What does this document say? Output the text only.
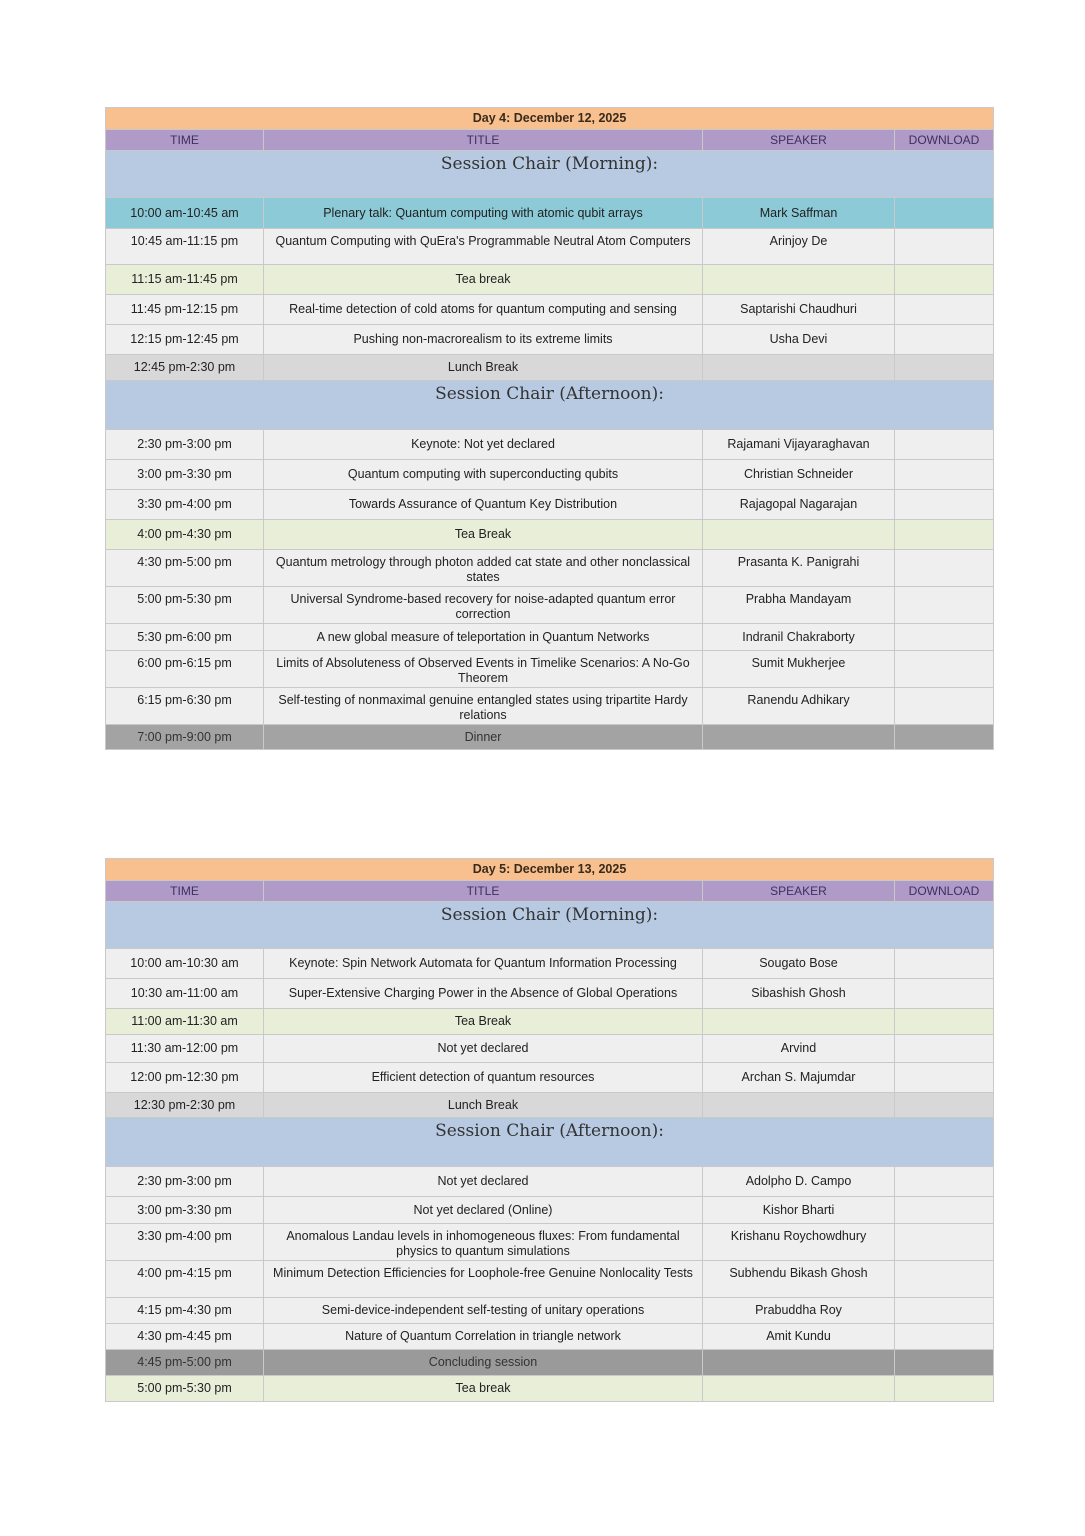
Day 4: December 12, 2025			
TIME	TITLE	SPEAKER	DOWNLOAD
Session Chair (Morning):			
10:00 am-10:45 am	Plenary talk: Quantum computing with atomic qubit arrays	Mark Saffman	
10:45 am-11:15 pm	Quantum Computing with QuEra's Programmable Neutral Atom Computers	Arinjoy De	
11:15 am-11:45 pm	Tea break		
11:45 pm-12:15 pm	Real-time detection of cold atoms for quantum computing and sensing	Saptarishi Chaudhuri	
12:15 pm-12:45 pm	Pushing non-macrorealism to its extreme limits	Usha Devi	
12:45 pm-2:30 pm	Lunch Break		
Session Chair (Afternoon):			
2:30 pm-3:00 pm	Keynote: Not yet declared	Rajamani Vijayaraghavan	
3:00 pm-3:30 pm	Quantum computing with superconducting qubits	Christian Schneider	
3:30 pm-4:00 pm	Towards Assurance of Quantum Key Distribution	Rajagopal Nagarajan	
4:00 pm-4:30 pm	Tea Break		
4:30 pm-5:00 pm	Quantum metrology through photon added cat state and other nonclassical states	Prasanta K. Panigrahi	
5:00 pm-5:30 pm	Universal Syndrome-based recovery for noise-adapted quantum error correction	Prabha Mandayam	
5:30 pm-6:00 pm	A new global measure of teleportation in Quantum Networks	Indranil Chakraborty	
6:00 pm-6:15 pm	Limits of Absoluteness of Observed Events in Timelike Scenarios: A No-Go Theorem	Sumit Mukherjee	
6:15 pm-6:30 pm	Self-testing of nonmaximal genuine entangled states using tripartite Hardy relations	Ranendu Adhikary	
7:00 pm-9:00 pm	Dinner		
Day 5: December 13, 2025			
TIME	TITLE	SPEAKER	DOWNLOAD
Session Chair (Morning):			
10:00 am-10:30 am	Keynote: Spin Network Automata for Quantum Information Processing	Sougato Bose	
10:30 am-11:00 am	Super-Extensive Charging Power in the Absence of Global Operations	Sibashish Ghosh	
11:00 am-11:30 am	Tea Break		
11:30 am-12:00 pm	Not yet declared	Arvind	
12:00 pm-12:30 pm	Efficient detection of quantum resources	Archan S. Majumdar	
12:30 pm-2:30 pm	Lunch Break		
Session Chair (Afternoon):			
2:30 pm-3:00 pm	Not yet declared	Adolpho D. Campo	
3:00 pm-3:30 pm	Not yet declared (Online)	Kishor Bharti	
3:30 pm-4:00 pm	Anomalous Landau levels in inhomogeneous fluxes: From fundamental physics to quantum simulations	Krishanu Roychowdhury	
4:00 pm-4:15 pm	Minimum Detection Efficiencies for Loophole-free Genuine Nonlocality Tests	Subhendu Bikash Ghosh	
4:15 pm-4:30 pm	Semi-device-independent self-testing of unitary operations	Prabuddha Roy	
4:30 pm-4:45 pm	Nature of Quantum Correlation in triangle network	Amit Kundu	
4:45 pm-5:00 pm	Concluding session		
5:00 pm-5:30 pm	Tea break		
